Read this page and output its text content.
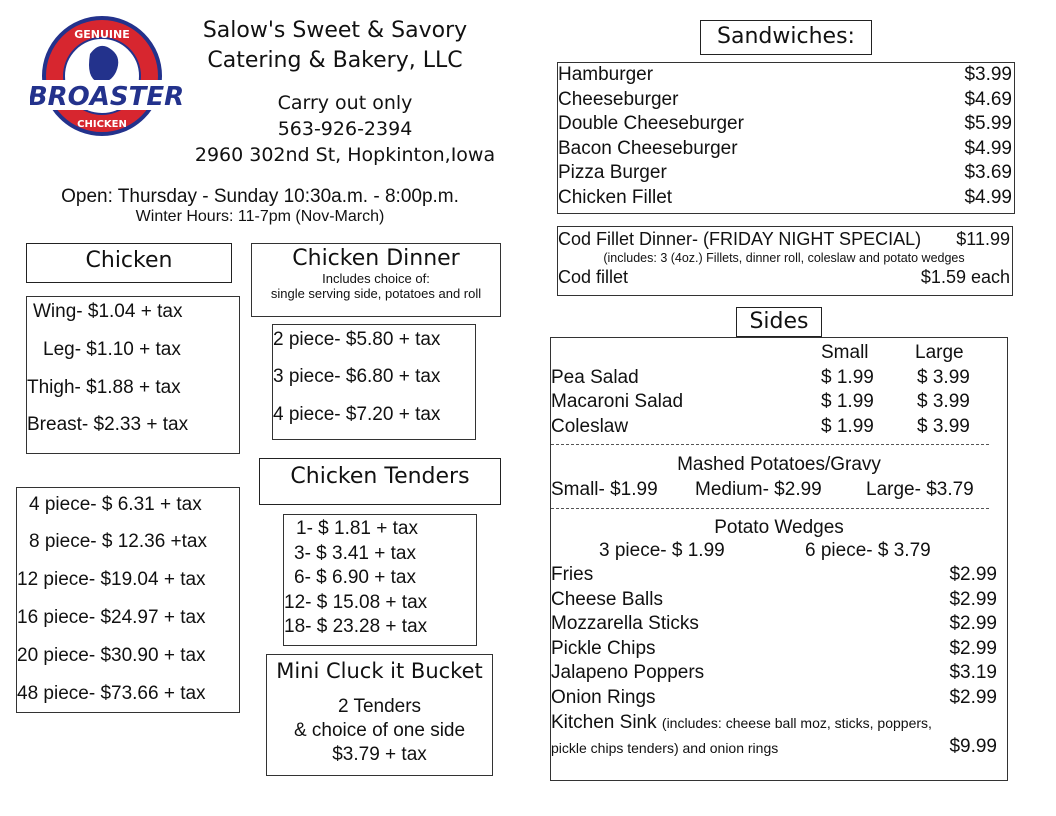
BROASTER
GENUINE
CHICKEN
Salow's Sweet & Savory
Catering & Bakery, LLC
Carry out only
563-926-2394
2960 302nd St, Hopkinton,Iowa
Open: Thursday - Sunday 10:30a.m. - 8:00p.m.
Winter Hours: 11-7pm (Nov-March)
Chicken
Wing- $1.04 + tax
Leg- $1.10 + tax
Thigh- $1.88 + tax
Breast- $2.33 + tax
4 piece- $ 6.31 + tax
8 piece- $ 12.36 +tax
12 piece- $19.04 + tax
16 piece- $24.97 + tax
20 piece- $30.90 + tax
48 piece- $73.66 + tax
Chicken Dinner
Includes choice of:
single serving side, potatoes and roll
2 piece- $5.80 + tax
3 piece- $6.80 + tax
4 piece- $7.20 + tax
Chicken Tenders
1- $ 1.81 + tax
3- $ 3.41 + tax
6- $ 6.90 + tax
12- $ 15.08 + tax
18- $ 23.28 + tax
Mini Cluck it Bucket
2 Tenders
& choice of one side
$3.79 + tax
Sandwiches:
Hamburger	$3.99
Cheeseburger	$4.69
Double Cheeseburger	$5.99
Bacon Cheeseburger	$4.99
Pizza Burger	$3.69
Chicken Fillet	$4.99
Cod Fillet Dinner- (FRIDAY NIGHT SPECIAL) $11.99
(includes: 3 (4oz.) Fillets, dinner roll, coleslaw and potato wedges
Cod fillet	$1.59 each
Sides
Small Large
Pea Salad	$ 1.99 $ 3.99
Macaroni Salad	$ 1.99 $ 3.99
Coleslaw	$ 1.99 $ 3.99
Mashed Potatoes/Gravy
Small- $1.99 Medium- $2.99 Large- $3.79
Potato Wedges
3 piece- $ 1.99	6 piece- $ 3.79
Fries	$2.99
Cheese Balls	$2.99
Mozzarella Sticks	$2.99
Pickle Chips	$2.99
Jalapeno Poppers	$3.19
Onion Rings	$2.99
Kitchen Sink (includes: cheese ball moz, sticks, poppers,
pickle chips tenders) and onion rings	$9.99
